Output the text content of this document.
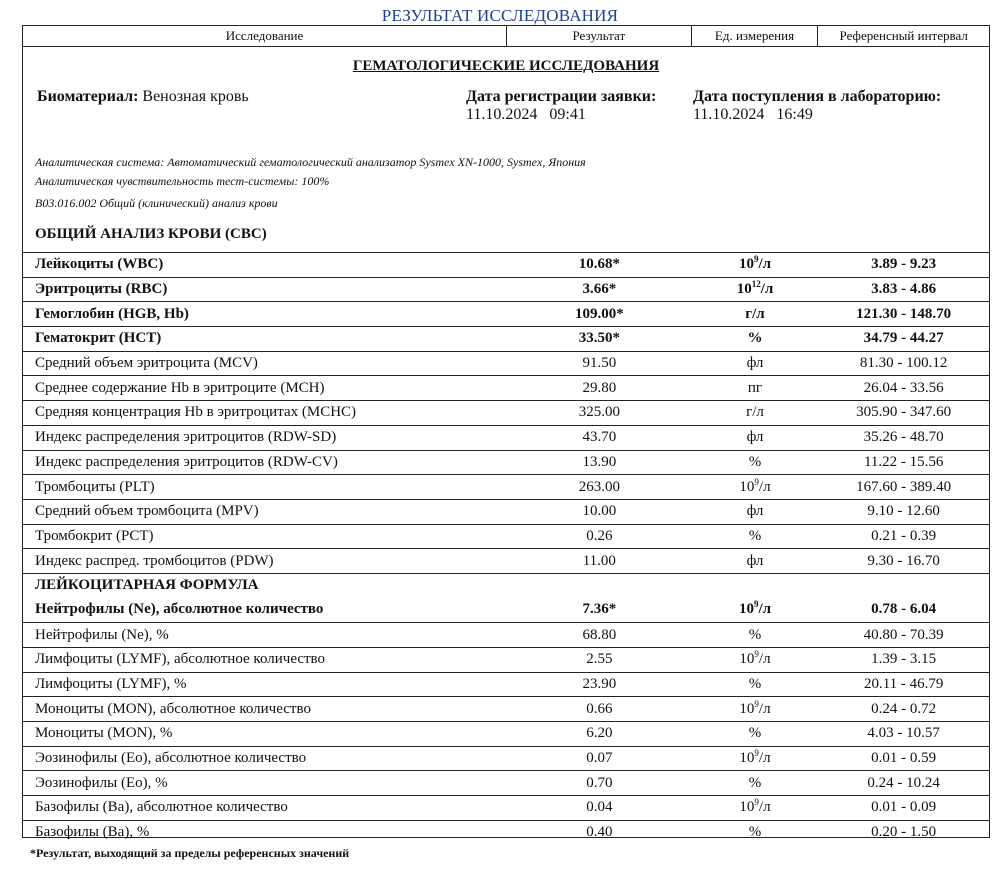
РЕЗУЛЬТАТ ИССЛЕДОВАНИЯ
Исследование	Результат	Ед. измерения	Референсный интервал
ГЕМАТОЛОГИЧЕСКИЕ ИССЛЕДОВАНИЯ
Биоматериал: Венозная кровь	Дата регистрации заявки:
11.10.2024 09:41
Дата поступления в лабораторию:
11.10.2024 16:49
Аналитическая система: Автоматический гематологический анализатор Sysmex XN-1000, Sysmex, Япония
Аналитическая чувствительность тест-системы: 100%
B03.016.002 Общий (клинический) анализ крови
ОБЩИЙ АНАЛИЗ КРОВИ (CBC)
Лейкоциты (WBC)	10.68*	$10^9/л$	3.89 - 9.23
Эритроциты (RBC)	3.66*	$10^{12}/л$	3.83 - 4.86
Гемоглобин (HGB, Hb)	109.00*	г/л	121.30 - 148.70
Гематокрит (HCT)	33.50*	%	34.79 - 44.27
Средний объем эритроцита (MCV)	91.50	фл	81.30 - 100.12
Среднее содержание Hb в эритроците (MCH)	29.80	пг	26.04 - 33.56
Средняя концентрация Hb в эритроцитах (MCHC)	325.00	г/л	305.90 - 347.60
Индекс распределения эритроцитов (RDW-SD)	43.70	фл	35.26 - 48.70
Индекс распределения эритроцитов (RDW-CV)	13.90	%	11.22 - 15.56
Тромбоциты (PLT)	263.00	$10^9/л$	167.60 - 389.40
Средний объем тромбоцита (MPV)	10.00	фл	9.10 - 12.60
Тромбокрит (PCT)	0.26	%	0.21 - 0.39
Индекс распред. тромбоцитов (PDW)	11.00	фл	9.30 - 16.70
ЛЕЙКОЦИТАРНАЯ ФОРМУЛА
Нейтрофилы (Ne), абсолютное количество	7.36*	$10^9/л$	0.78 - 6.04
Нейтрофилы (Ne), %	68.80	%	40.80 - 70.39
Лимфоциты (LYMF), абсолютное количество	2.55	$10^9/л$	1.39 - 3.15
Лимфоциты (LYMF), %	23.90	%	20.11 - 46.79
Моноциты (MON), абсолютное количество	0.66	$10^9/л$	0.24 - 0.72
Моноциты (MON), %	6.20	%	4.03 - 10.57
Эозинофилы (Eo), абсолютное количество	0.07	$10^9/л$	0.01 - 0.59
Эозинофилы (Eo), %	0.70	%	0.24 - 10.24
Базофилы (Ba), абсолютное количество	0.04	$10^9/л$	0.01 - 0.09
Базофилы (Ba), %	0.40	%	0.20 - 1.50
*Результат, выходящий за пределы референсных значений
